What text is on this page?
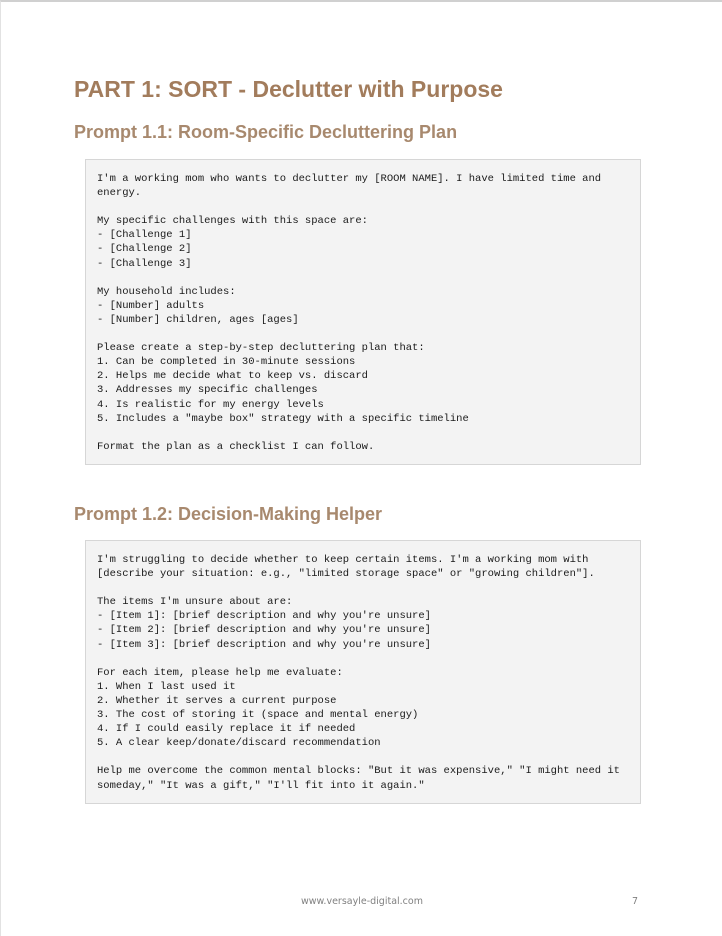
PART 1: SORT - Declutter with Purpose
Prompt 1.1: Room-Specific Decluttering Plan
I'm a working mom who wants to declutter my [ROOM NAME]. I have limited time and
energy.
My specific challenges with this space are:
- [Challenge 1]
- [Challenge 2]
- [Challenge 3]
My household includes:
- [Number] adults
- [Number] children, ages [ages]
Please create a step-by-step decluttering plan that:
1. Can be completed in 30-minute sessions
2. Helps me decide what to keep vs. discard
3. Addresses my specific challenges
4. Is realistic for my energy levels
5. Includes a "maybe box" strategy with a specific timeline
Format the plan as a checklist I can follow.
Prompt 1.2: Decision-Making Helper
I'm struggling to decide whether to keep certain items. I'm a working mom with
[describe your situation: e.g., "limited storage space" or "growing children"].
The items I'm unsure about are:
- [Item 1]: [brief description and why you're unsure]
- [Item 2]: [brief description and why you're unsure]
- [Item 3]: [brief description and why you're unsure]
For each item, please help me evaluate:
1. When I last used it
2. Whether it serves a current purpose
3. The cost of storing it (space and mental energy)
4. If I could easily replace it if needed
5. A clear keep/donate/discard recommendation
Help me overcome the common mental blocks: "But it was expensive," "I might need it
someday," "It was a gift," "I'll fit into it again."
www.versayle-digital.com	7
